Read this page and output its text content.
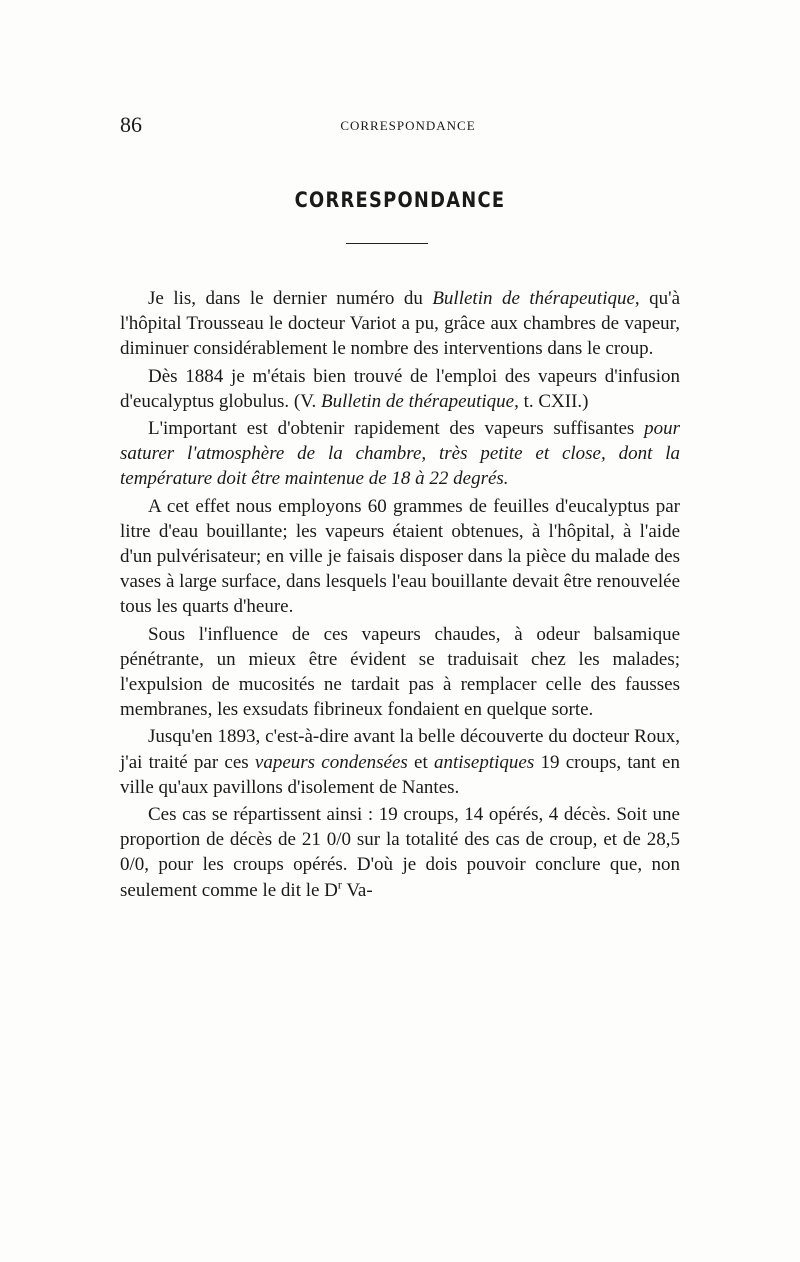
86	CORRESPONDANCE
CORRESPONDANCE

Je lis, dans le dernier numéro du Bulletin de thérapeutique, qu'à l'hôpital Trousseau le docteur Variot a pu, grâce aux chambres de vapeur, diminuer considérablement le nombre des interventions dans le croup.

Dès 1884 je m'étais bien trouvé de l'emploi des vapeurs d'infusion d'eucalyptus globulus. (V. Bulletin de thérapeutique, t. CXII.)

L'important est d'obtenir rapidement des vapeurs suffisantes pour saturer l'atmosphère de la chambre, très petite et close, dont la température doit être maintenue de 18 à 22 degrés.

A cet effet nous employons 60 grammes de feuilles d'eucalyptus par litre d'eau bouillante; les vapeurs étaient obtenues, à l'hôpital, à l'aide d'un pulvérisateur; en ville je faisais disposer dans la pièce du malade des vases à large surface, dans lesquels l'eau bouillante devait être renouvelée tous les quarts d'heure.

Sous l'influence de ces vapeurs chaudes, à odeur balsamique pénétrante, un mieux être évident se traduisait chez les malades; l'expulsion de mucosités ne tardait pas à remplacer celle des fausses membranes, les exsudats fibrineux fondaient en quelque sorte.

Jusqu'en 1893, c'est-à-dire avant la belle découverte du docteur Roux, j'ai traité par ces vapeurs condensées et antiseptiques 19 croups, tant en ville qu'aux pavillons d'isolement de Nantes.

Ces cas se répartissent ainsi : 19 croups, 14 opérés, 4 décès. Soit une proportion de décès de 21 0/0 sur la totalité des cas de croup, et de 28,5 0/0, pour les croups opérés. D'où je dois pouvoir conclure que, non seulement comme le dit le $D^r$ Va-
